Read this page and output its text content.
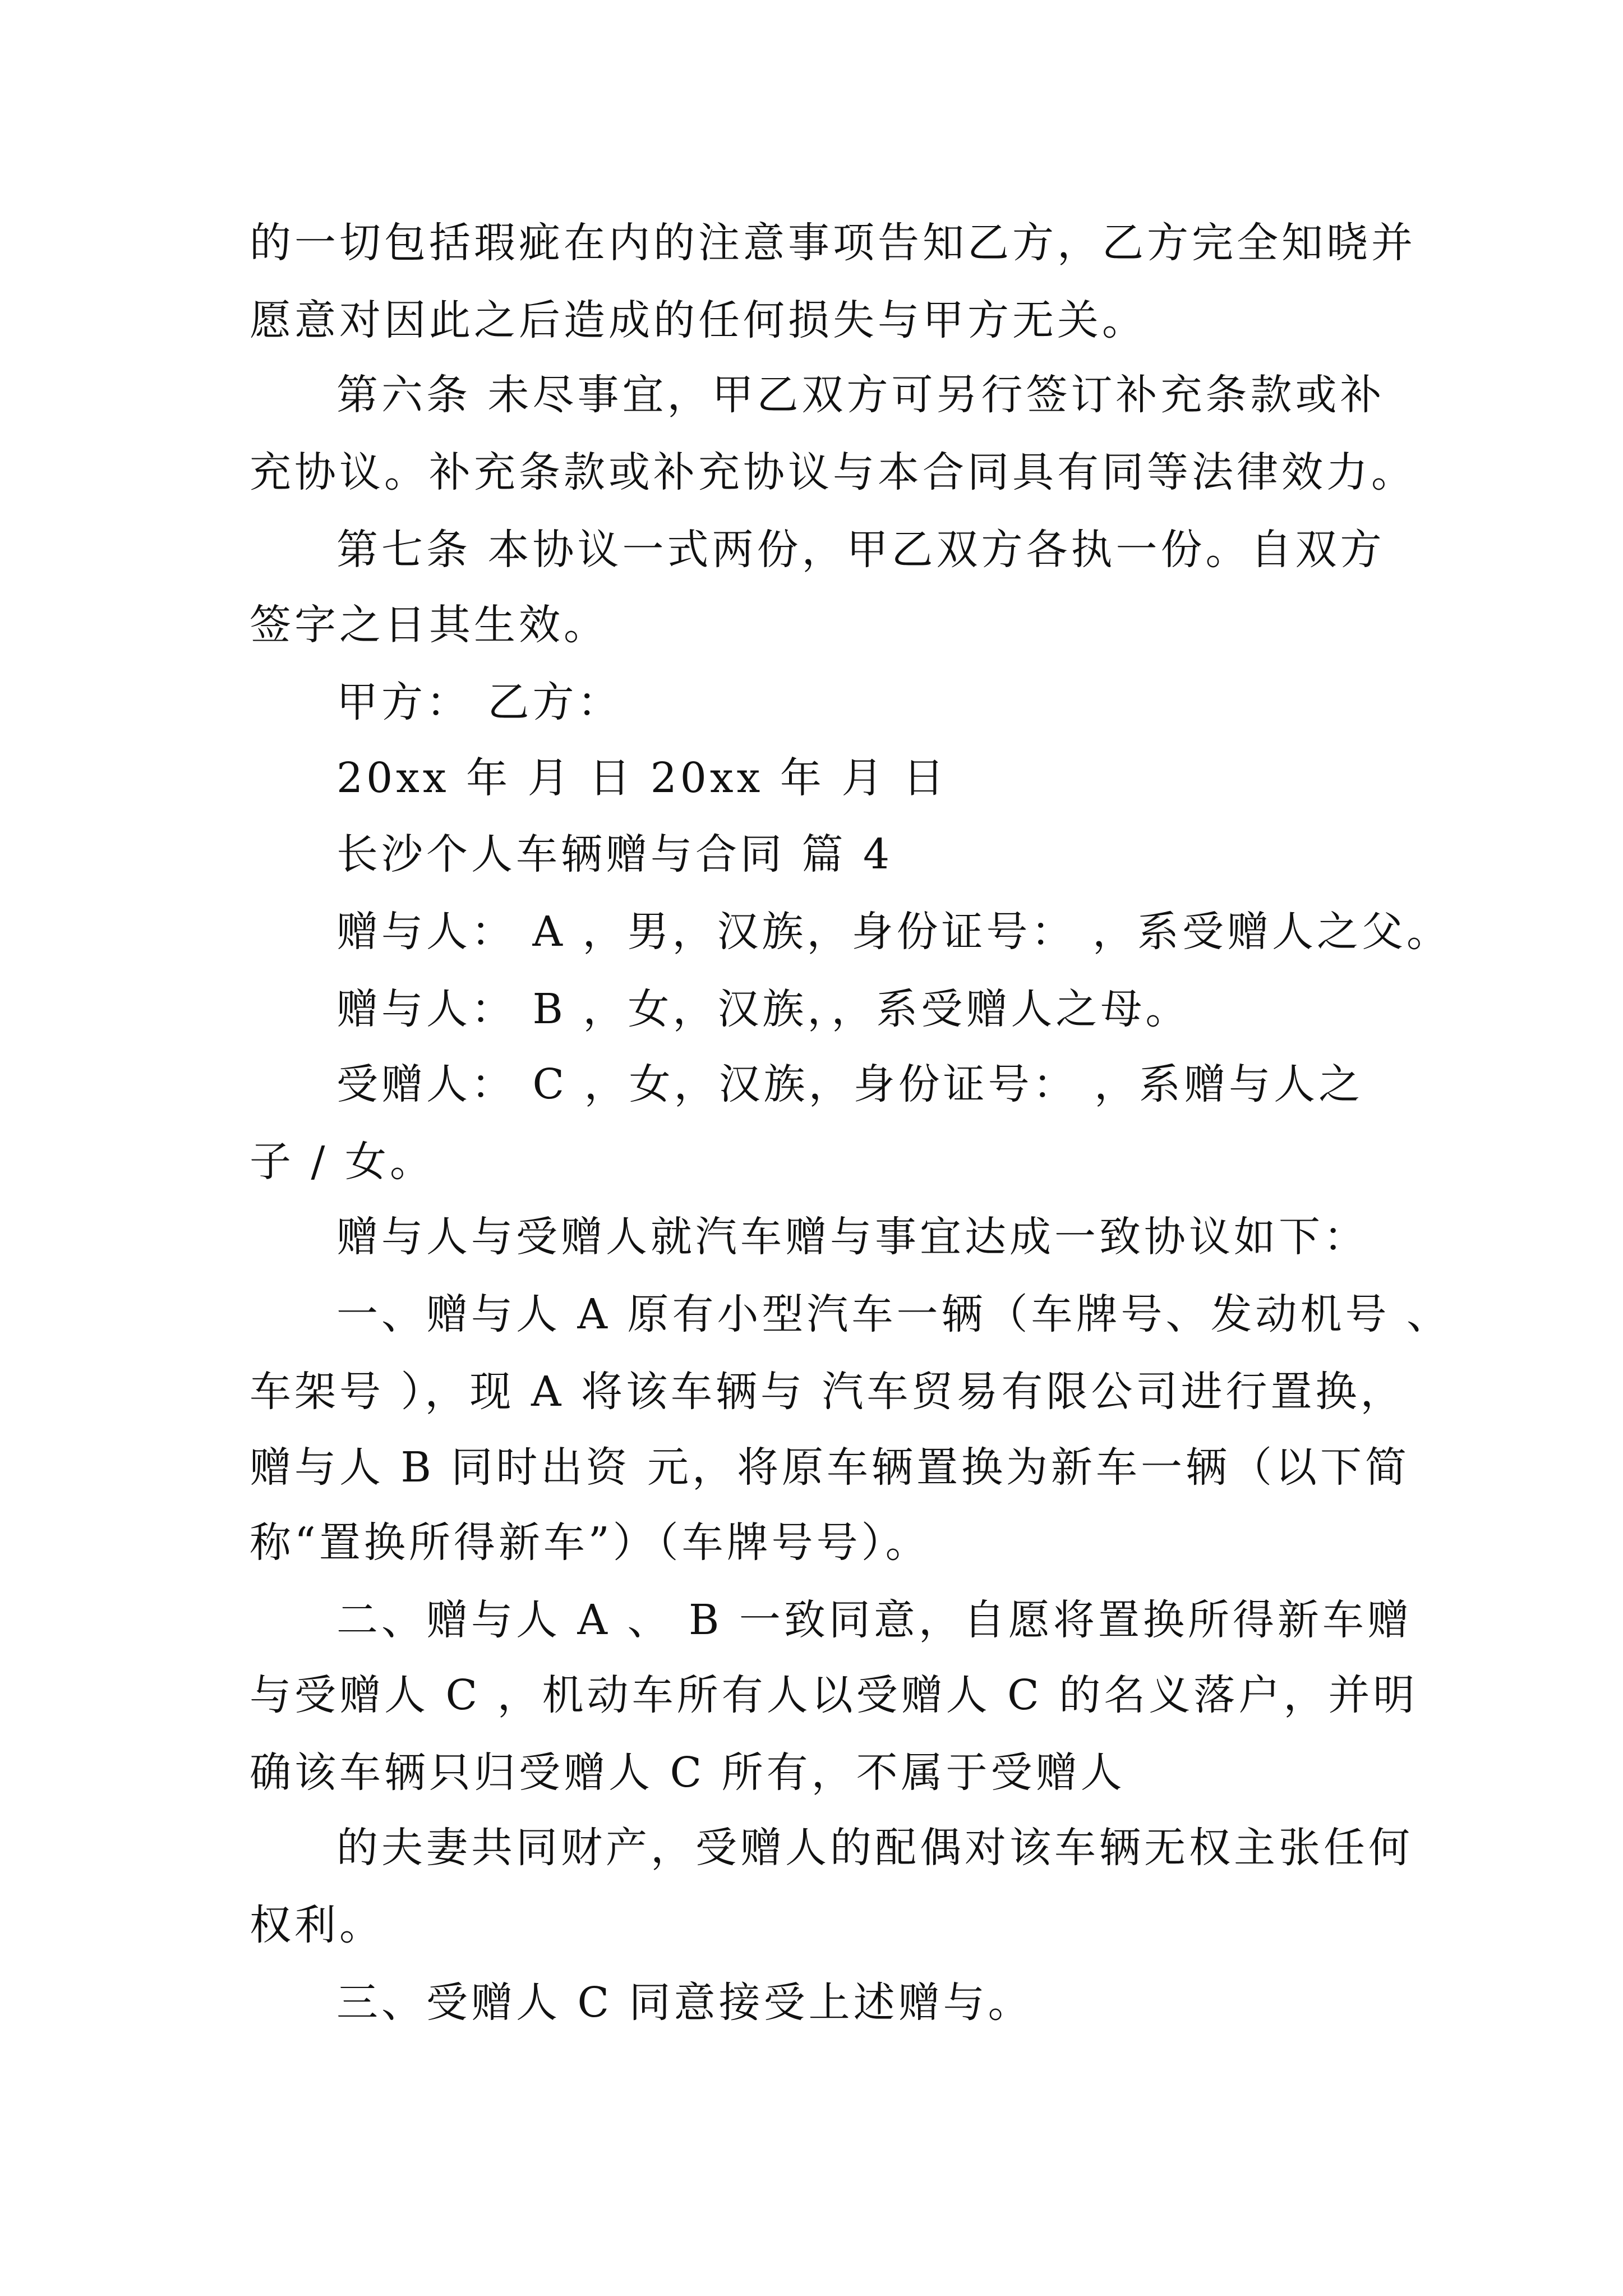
的一切包括瑕疵在内的注意事项告知乙方，乙方完全知晓并
愿意对因此之后造成的任何损失与甲方无关。
第六条 未尽事宜，甲乙双方可另行签订补充条款或补
充协议。补充条款或补充协议与本合同具有同等法律效力。
第七条 本协议一式两份，甲乙双方各执一份。自双方
签字之日其生效。
甲方： 乙方：
20xx 年 月 日 20xx 年 月 日
长沙个人车辆赠与合同 篇 4
赠与人： A ，男，汉族，身份证号： ，系受赠人之父。
赠与人： B ，女，汉族，，系受赠人之母。
受赠人： C ，女，汉族，身份证号： ，系赠与人之
子 / 女。
赠与人与受赠人就汽车赠与事宜达成一致协议如下：
一、赠与人 A 原有小型汽车一辆（车牌号、发动机号 、
车架号 ），现 A 将该车辆与 汽车贸易有限公司进行置换，
赠与人 B 同时出资 元，将原车辆置换为新车一辆（以下简
称“置换所得新车”）（车牌号号）。
二、赠与人 A 、 B 一致同意，自愿将置换所得新车赠
与受赠人 C ，机动车所有人以受赠人 C 的名义落户，并明
确该车辆只归受赠人 C 所有，不属于受赠人
的夫妻共同财产，受赠人的配偶对该车辆无权主张任何
权利。
三、受赠人 C 同意接受上述赠与。
